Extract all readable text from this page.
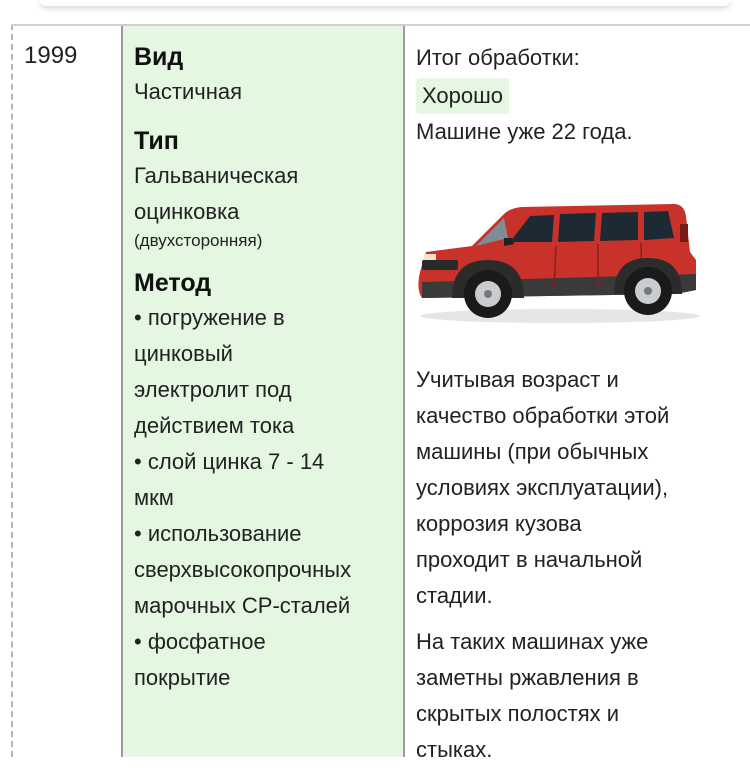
1999 Вид
Частичная
Тип
Гальваническая
оцинковка
(двухсторонняя)
Метод
• погружение в
цинковый
электролит под
действием тока
• слой цинка 7 - 14
мкм
• использование
сверхвысокопрочных
марочных СР-сталей
• фосфатное
покрытие
Итог обработки:
Хорошо
Машине уже 22 года.
Учитывая возраст и
качество обработки этой
машины (при обычных
условиях эксплуатации),
коррозия кузова
проходит в начальной
стадии.
На таких машинах уже
заметны ржавления в
скрытых полостях и
стыках.
